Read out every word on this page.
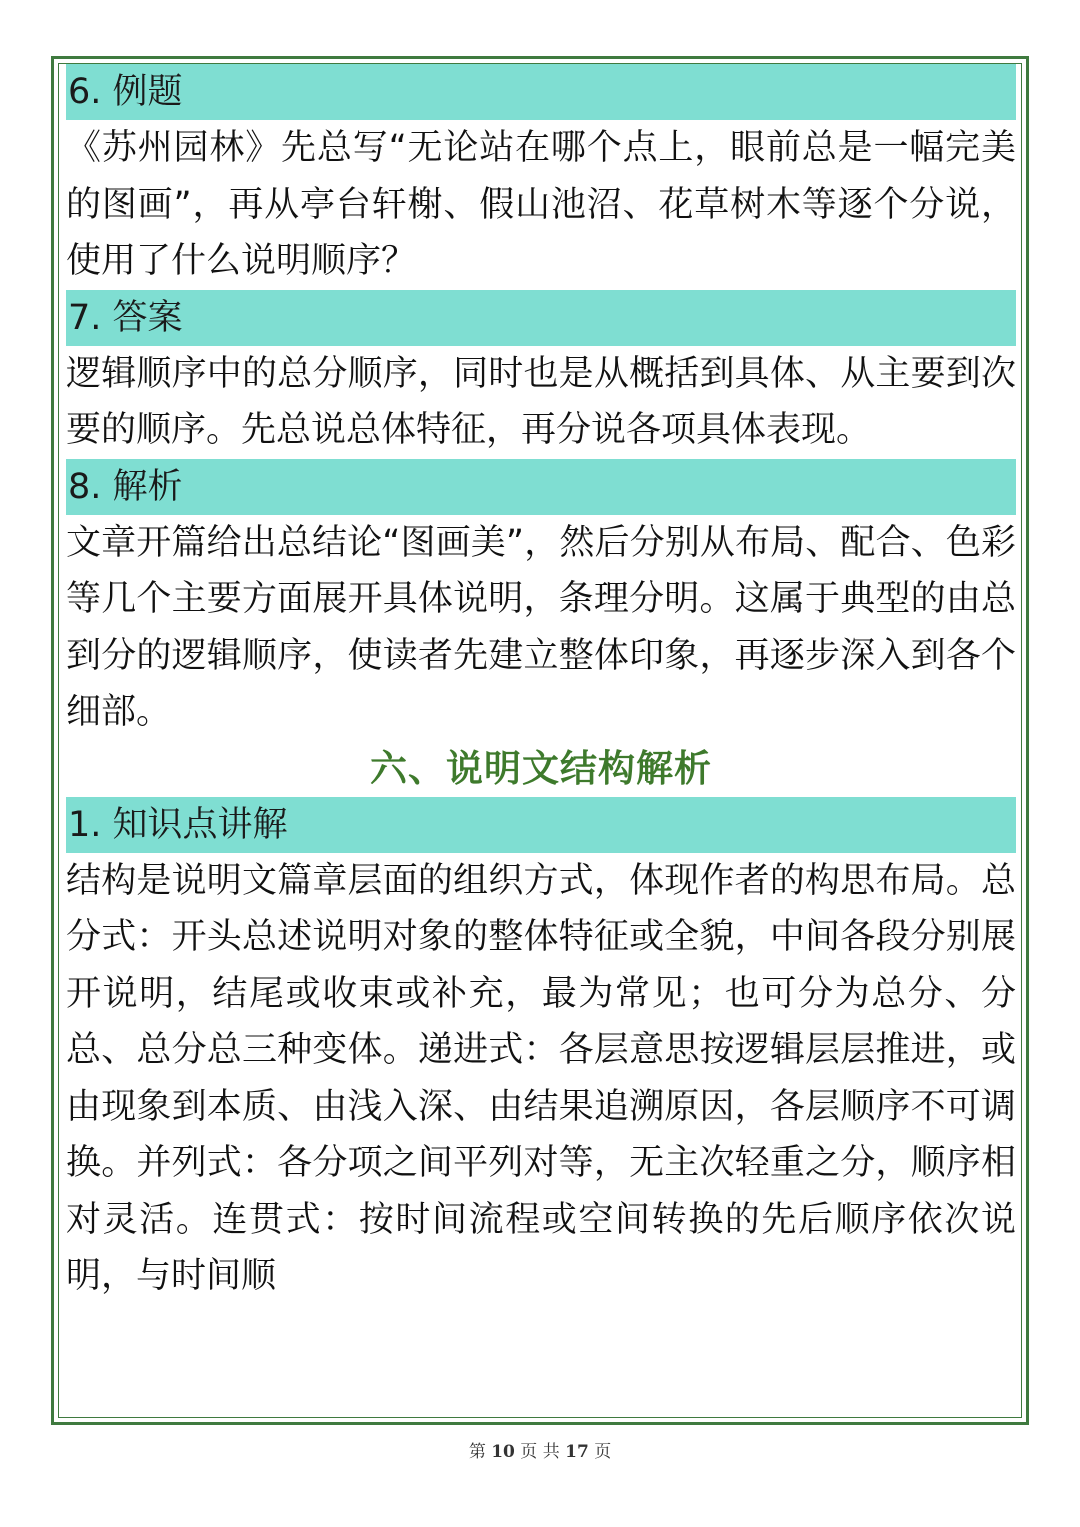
6. 例题

《苏州园林》先总写“无论站在哪个点上，眼前总是一幅完美的图画”，再从亭台轩榭、假山池沼、花草树木等逐个分说，使用了什么说明顺序？

7. 答案

逻辑顺序中的总分顺序，同时也是从概括到具体、从主要到次要的顺序。先总说总体特征，再分说各项具体表现。

8. 解析

文章开篇给出总结论“图画美”，然后分别从布局、配合、色彩等几个主要方面展开具体说明，条理分明。这属于典型的由总到分的逻辑顺序，使读者先建立整体印象，再逐步深入到各个细部。

六、说明文结构解析
1. 知识点讲解

结构是说明文篇章层面的组织方式，体现作者的构思布局。总分式：开头总述说明对象的整体特征或全貌，中间各段分别展开说明，结尾或收束或补充，最为常见；也可分为总分、分总、总分总三种变体。递进式：各层意思按逻辑层层推进，或由现象到本质、由浅入深、由结果追溯原因，各层顺序不可调换。并列式：各分项之间平列对等，无主次轻重之分，顺序相对灵活。连贯式：按时间流程或空间转换的先后顺序依次说明，与时间顺

第 10 页 共 17 页
